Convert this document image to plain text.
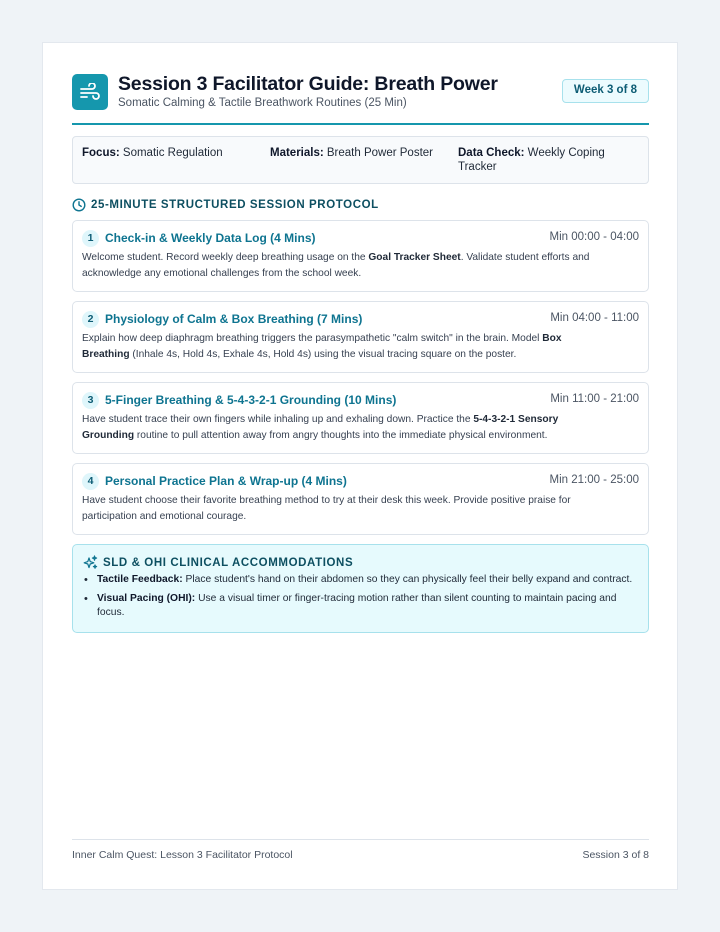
Session 3 Facilitator Guide: Breath Power
Somatic Calming & Tactile Breathwork Routines (25 Min)
Week 3 of 8
Focus: Somatic Regulation	Materials: Breath Power Poster	Data Check: Weekly Coping Tracker
25-MINUTE STRUCTURED SESSION PROTOCOL
1 Check-in & Weekly Data Log (4 Mins)	Min 00:00 - 04:00
Welcome student. Record weekly deep breathing usage on the Goal Tracker Sheet. Validate student efforts and acknowledge any emotional challenges from the school week.
2 Physiology of Calm & Box Breathing (7 Mins)	Min 04:00 - 11:00
Explain how deep diaphragm breathing triggers the parasympathetic "calm switch" in the brain. Model Box Breathing (Inhale 4s, Hold 4s, Exhale 4s, Hold 4s) using the visual tracing square on the poster.
3 5-Finger Breathing & 5-4-3-2-1 Grounding (10 Mins)	Min 11:00 - 21:00
Have student trace their own fingers while inhaling up and exhaling down. Practice the 5-4-3-2-1 Sensory Grounding routine to pull attention away from angry thoughts into the immediate physical environment.
4 Personal Practice Plan & Wrap-up (4 Mins)	Min 21:00 - 25:00
Have student choose their favorite breathing method to try at their desk this week. Provide positive praise for participation and emotional courage.
SLD & OHI CLINICAL ACCOMMODATIONS
• Tactile Feedback: Place student's hand on their abdomen so they can physically feel their belly expand and contract.
• Visual Pacing (OHI): Use a visual timer or finger-tracing motion rather than silent counting to maintain pacing and focus.
Inner Calm Quest: Lesson 3 Facilitator Protocol	Session 3 of 8
